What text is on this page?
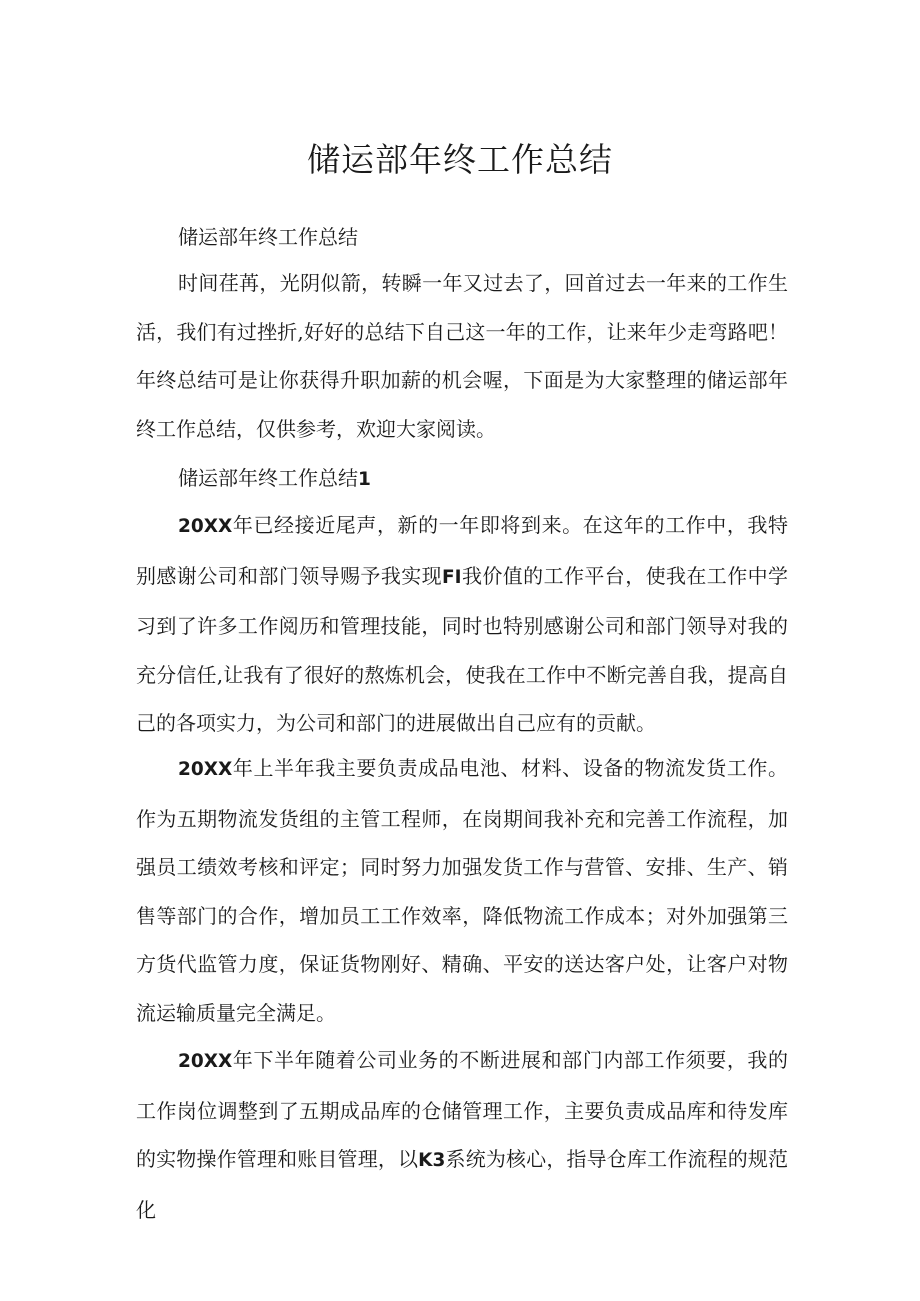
储运部年终工作总结

储运部年终工作总结

时间荏苒，光阴似箭，转瞬一年又过去了，回首过去一年来的工作生活，我们有过挫折,好好的总结下自己这一年的工作，让来年少走弯路吧！年终总结可是让你获得升职加薪的机会喔，下面是为大家整理的储运部年终工作总结，仅供参考，欢迎大家阅读。

储运部年终工作总结1

20XX年已经接近尾声，新的一年即将到来。在这年的工作中，我特别感谢公司和部门领导赐予我实现FI我价值的工作平台，使我在工作中学习到了许多工作阅历和管理技能，同时也特别感谢公司和部门领导对我的充分信任,让我有了很好的熬炼机会，使我在工作中不断完善自我，提高自己的各项实力，为公司和部门的进展做出自己应有的贡献。

20XX年上半年我主要负责成品电池、材料、设备的物流发货工作。作为五期物流发货组的主管工程师，在岗期间我补充和完善工作流程，加强员工绩效考核和评定；同时努力加强发货工作与营管、安排、生产、销售等部门的合作，增加员工工作效率，降低物流工作成本；对外加强第三方货代监管力度，保证货物刚好、精确、平安的送达客户处，让客户对物流运输质量完全满足。

20XX年下半年随着公司业务的不断进展和部门内部工作须要，我的工作岗位调整到了五期成品库的仓储管理工作，主要负责成品库和待发库的实物操作管理和账目管理，以K3系统为核心，指导仓库工作流程的规范化
